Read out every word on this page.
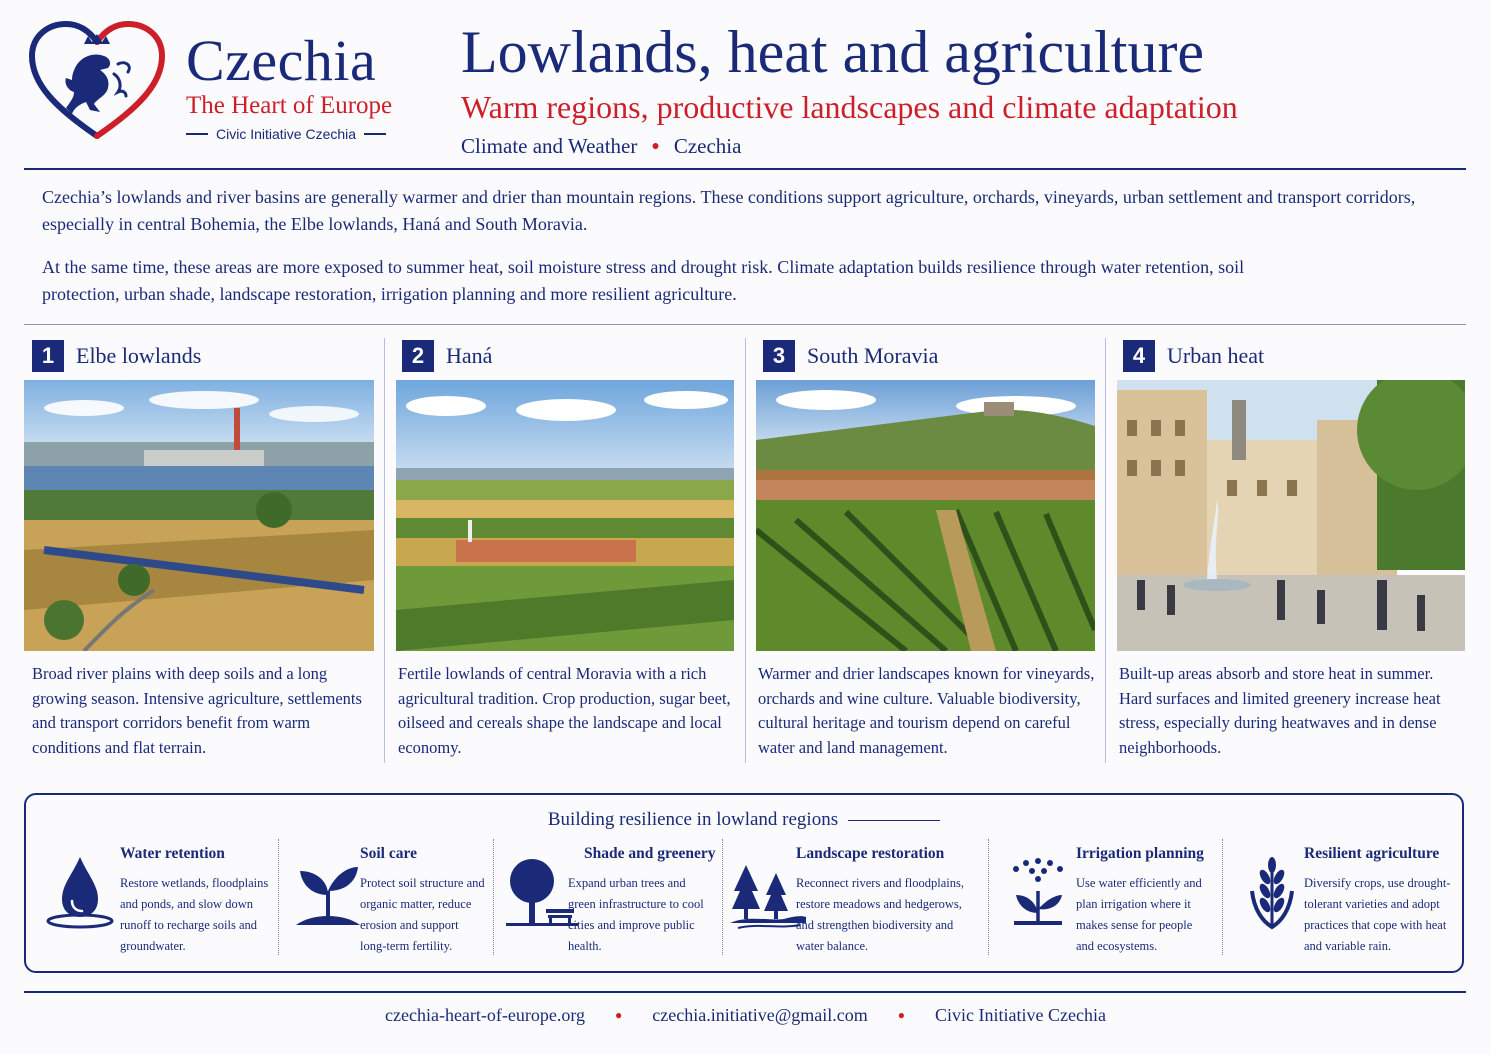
Czechia
The Heart of Europe
Civic Initiative Czechia
Lowlands, heat and agriculture
Warm regions, productive landscapes and climate adaptation
Climate and Weather ● Czechia

Czechia’s lowlands and river basins are generally warmer and drier than mountain regions. These conditions support agriculture, orchards, vineyards, urban settlement and transport corridors, especially in central Bohemia, the Elbe lowlands, Haná and South Moravia.

At the same time, these areas are more exposed to summer heat, soil moisture stress and drought risk. Climate adaptation builds resilience through water retention, soil protection, urban shade, landscape restoration, irrigation planning and more resilient agriculture.

1 Elbe lowlands

Broad river plains with deep soils and a long growing season. Intensive agriculture, settlements and transport corridors benefit from warm conditions and flat terrain.

2 Haná

Fertile lowlands of central Moravia with a rich agricultural tradition. Crop production, sugar beet, oilseed and cereals shape the landscape and local economy.

3 South Moravia

Warmer and drier landscapes known for vineyards, orchards and wine culture. Valuable biodiversity, cultural heritage and tourism depend on careful water and land management.

4 Urban heat

Built-up areas absorb and store heat in summer. Hard surfaces and limited greenery increase heat stress, especially during heatwaves and in dense neighborhoods.

Building resilience in lowland regions
Water retention

Restore wetlands, floodplains and ponds, and slow down runoff to recharge soils and groundwater.

Soil care

Protect soil structure and organic matter, reduce erosion and support long-term fertility.

Shade and greenery

Expand urban trees and green infrastructure to cool cities and improve public health.

Landscape restoration

Reconnect rivers and floodplains, restore meadows and hedgerows, and strengthen biodiversity and water balance.

Irrigation planning

Use water efficiently and plan irrigation where it makes sense for people and ecosystems.

Resilient agriculture

Diversify crops, use drought-tolerant varieties and adopt practices that cope with heat and variable rain.

czechia-heart-of-europe.org	● czechia.initiative@gmail.com	● Civic Initiative Czechia
